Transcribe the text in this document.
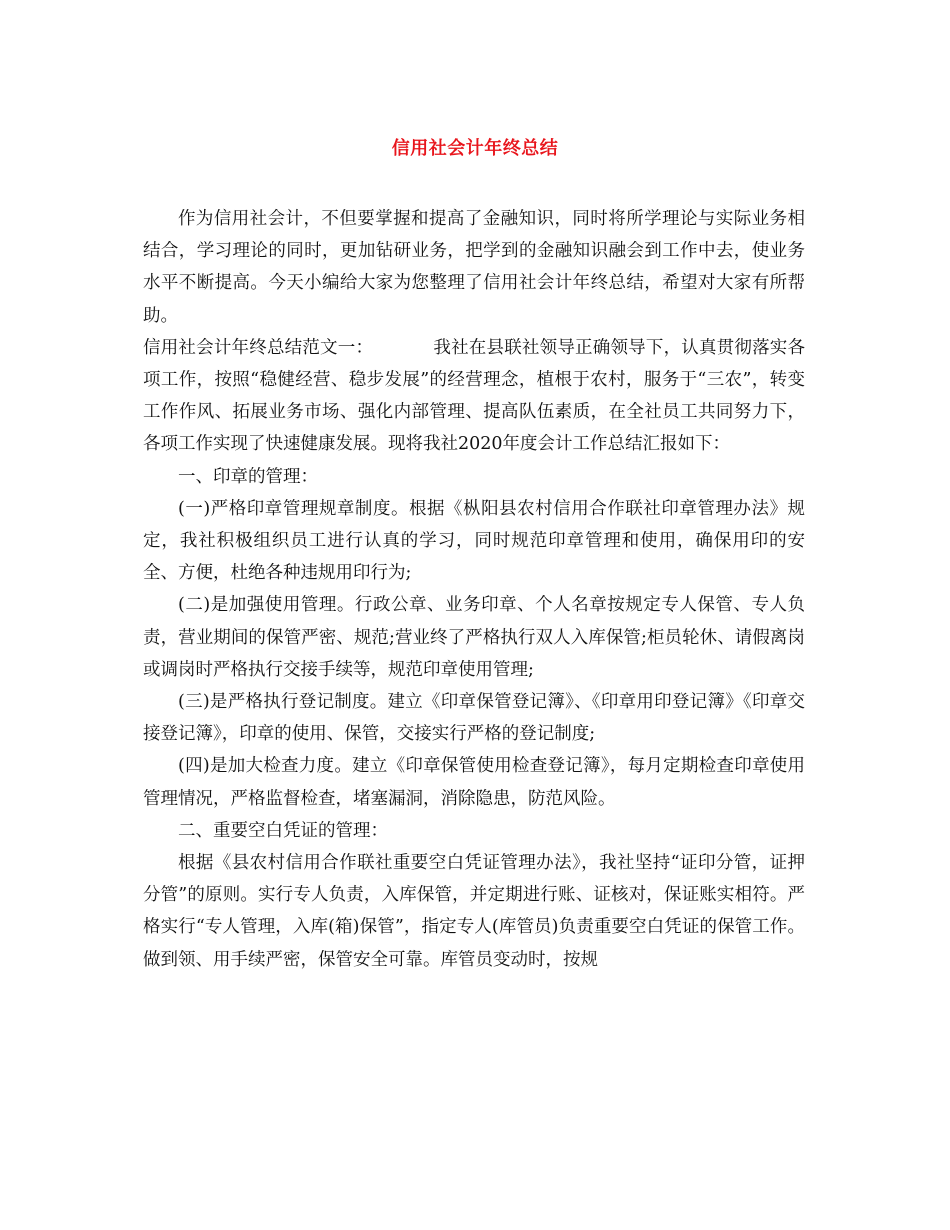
信用社会计年终总结

作为信用社会计，不但要掌握和提高了金融知识，同时将所学理论与实际业务相结合，学习理论的同时，更加钻研业务，把学到的金融知识融会到工作中去，使业务水平不断提高。今天小编给大家为您整理了信用社会计年终总结，希望对大家有所帮助。

信用社会计年终总结范文一：	我社在县联社领导正确领导下，认真贯彻落实各项工作，按照“稳健经营、稳步发展”的经营理念，植根于农村，服务于“三农”，转变工作作风、拓展业务市场、强化内部管理、提高队伍素质，在全社员工共同努力下，各项工作实现了快速健康发展。现将我社2020年度会计工作总结汇报如下：

一、印章的管理：

(一)严格印章管理规章制度。根据《枞阳县农村信用合作联社印章管理办法》规定，我社积极组织员工进行认真的学习，同时规范印章管理和使用，确保用印的安全、方便，杜绝各种违规用印行为;

(二)是加强使用管理。行政公章、业务印章、个人名章按规定专人保管、专人负责，营业期间的保管严密、规范;营业终了严格执行双人入库保管;柜员轮休、请假离岗或调岗时严格执行交接手续等，规范印章使用管理;

(三)是严格执行登记制度。建立《印章保管登记簿》、《印章用印登记簿》《印章交接登记簿》，印章的使用、保管，交接实行严格的登记制度;

(四)是加大检查力度。建立《印章保管使用检查登记簿》，每月定期检查印章使用管理情况，严格监督检查，堵塞漏洞，消除隐患，防范风险。

二、重要空白凭证的管理：

根据《县农村信用合作联社重要空白凭证管理办法》，我社坚持“证印分管，证押分管”的原则。实行专人负责，入库保管，并定期进行账、证核对，保证账实相符。严格实行“专人管理，入库(箱)保管”，指定专人(库管员)负责重要空白凭证的保管工作。做到领、用手续严密，保管安全可靠。库管员变动时，按规
